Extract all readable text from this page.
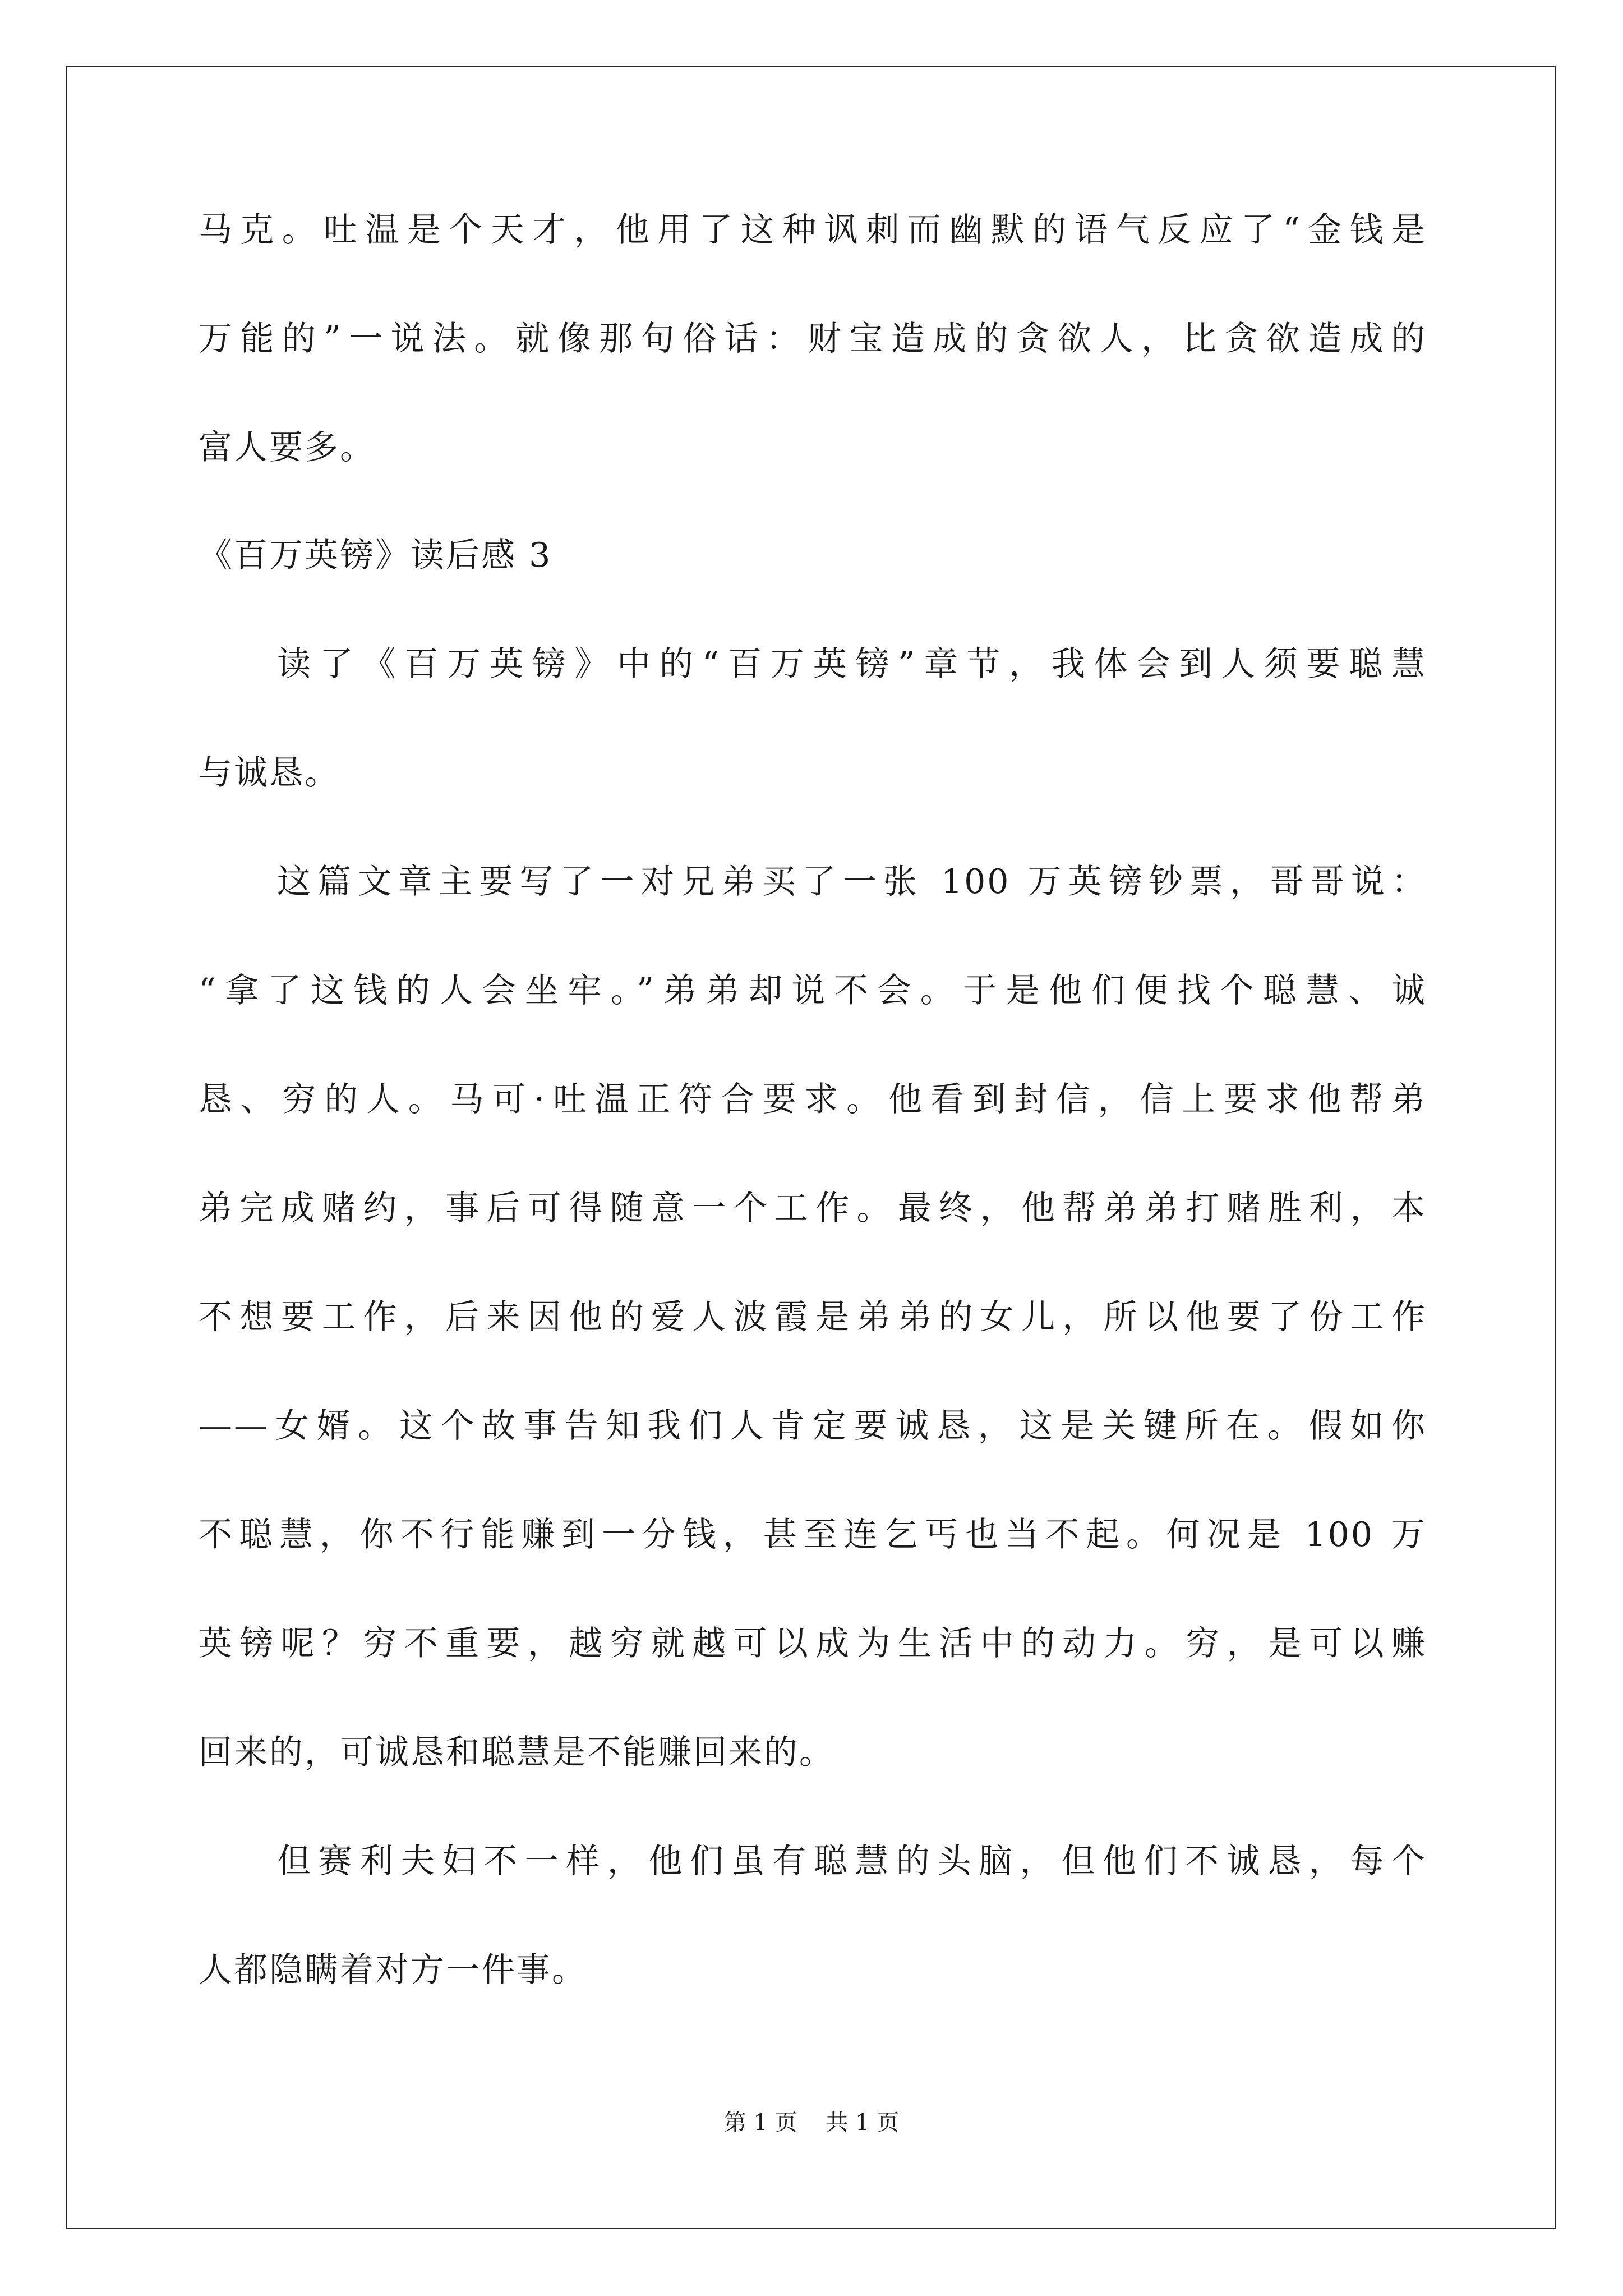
马克。吐温是个天才，他用了这种讽刺而幽默的语气反应了“金钱是
万能的”一说法。就像那句俗话：财宝造成的贪欲人，比贪欲造成的
富人要多。
《百万英镑》读后感 3
读了《百万英镑》中的“百万英镑”章节，我体会到人须要聪慧
与诚恳。
这篇文章主要写了一对兄弟买了一张 100 万英镑钞票，哥哥说：
“拿了这钱的人会坐牢。”弟弟却说不会。于是他们便找个聪慧、诚
恳、穷的人。马可·吐温正符合要求。他看到封信，信上要求他帮弟
弟完成赌约，事后可得随意一个工作。最终，他帮弟弟打赌胜利，本
不想要工作，后来因他的爱人波霞是弟弟的女儿，所以他要了份工作
——女婿。这个故事告知我们人肯定要诚恳，这是关键所在。假如你
不聪慧，你不行能赚到一分钱，甚至连乞丐也当不起。何况是 100 万
英镑呢？穷不重要，越穷就越可以成为生活中的动力。穷，是可以赚
回来的，可诚恳和聪慧是不能赚回来的。
但赛利夫妇不一样，他们虽有聪慧的头脑，但他们不诚恳，每个
人都隐瞒着对方一件事。
第 1 页    共 1 页
